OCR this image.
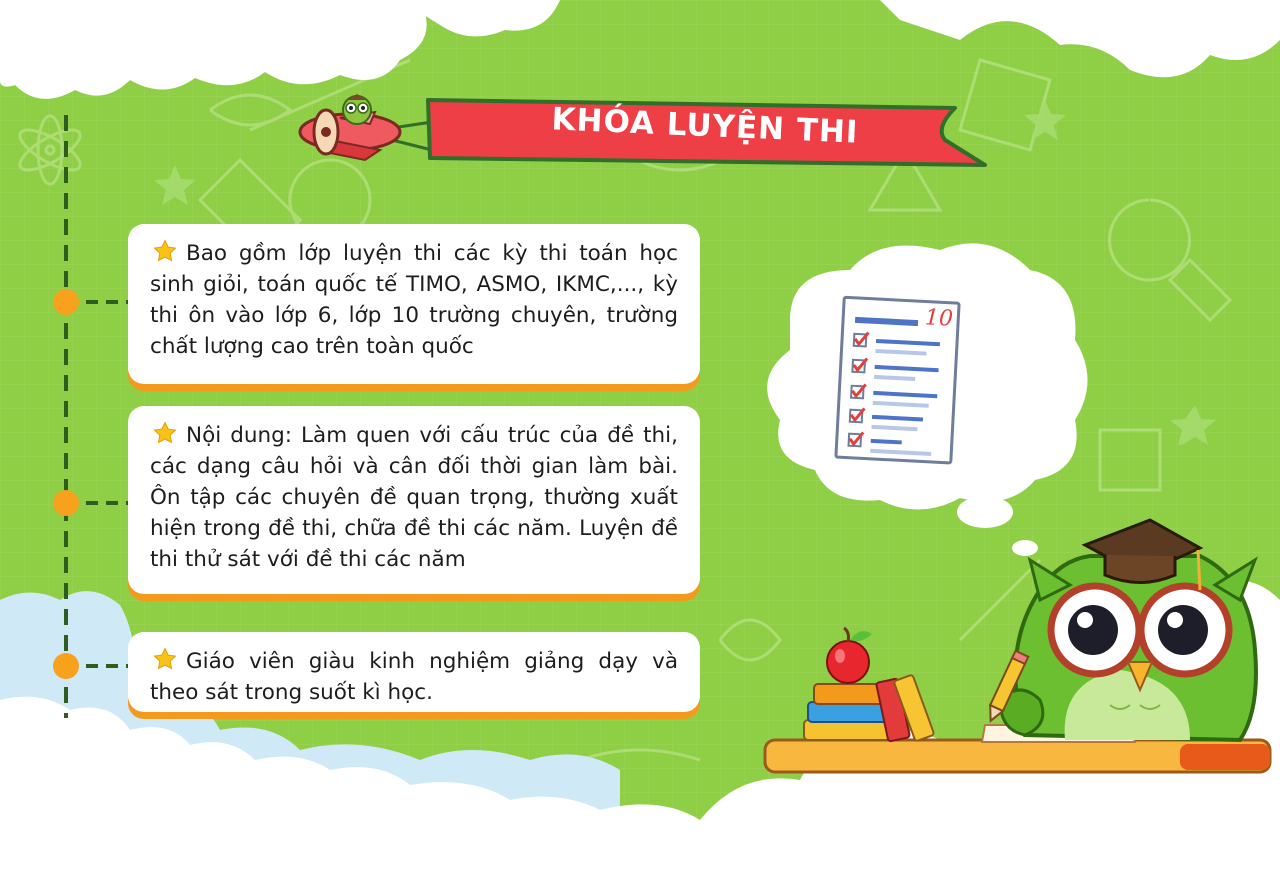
KHÓA LUYỆN THI
Bao gồm lớp luyện thi các kỳ thi toán học sinh giỏi, toán quốc tế TIMO, ASMO, IKMC,..., kỳ thi ôn vào lớp 6, lớp 10 trường chuyên, trường chất lượng cao trên toàn quốc
Nội dung: Làm quen với cấu trúc của đề thi, các dạng câu hỏi và cân đối thời gian làm bài. Ôn tập các chuyên đề quan trọng, thường xuất hiện trong đề thi, chữa đề thi các năm. Luyện đề thi thử sát với đề thi các năm
Giáo viên giàu kinh nghiệm giảng dạy và theo sát trong suốt kì học.
10
